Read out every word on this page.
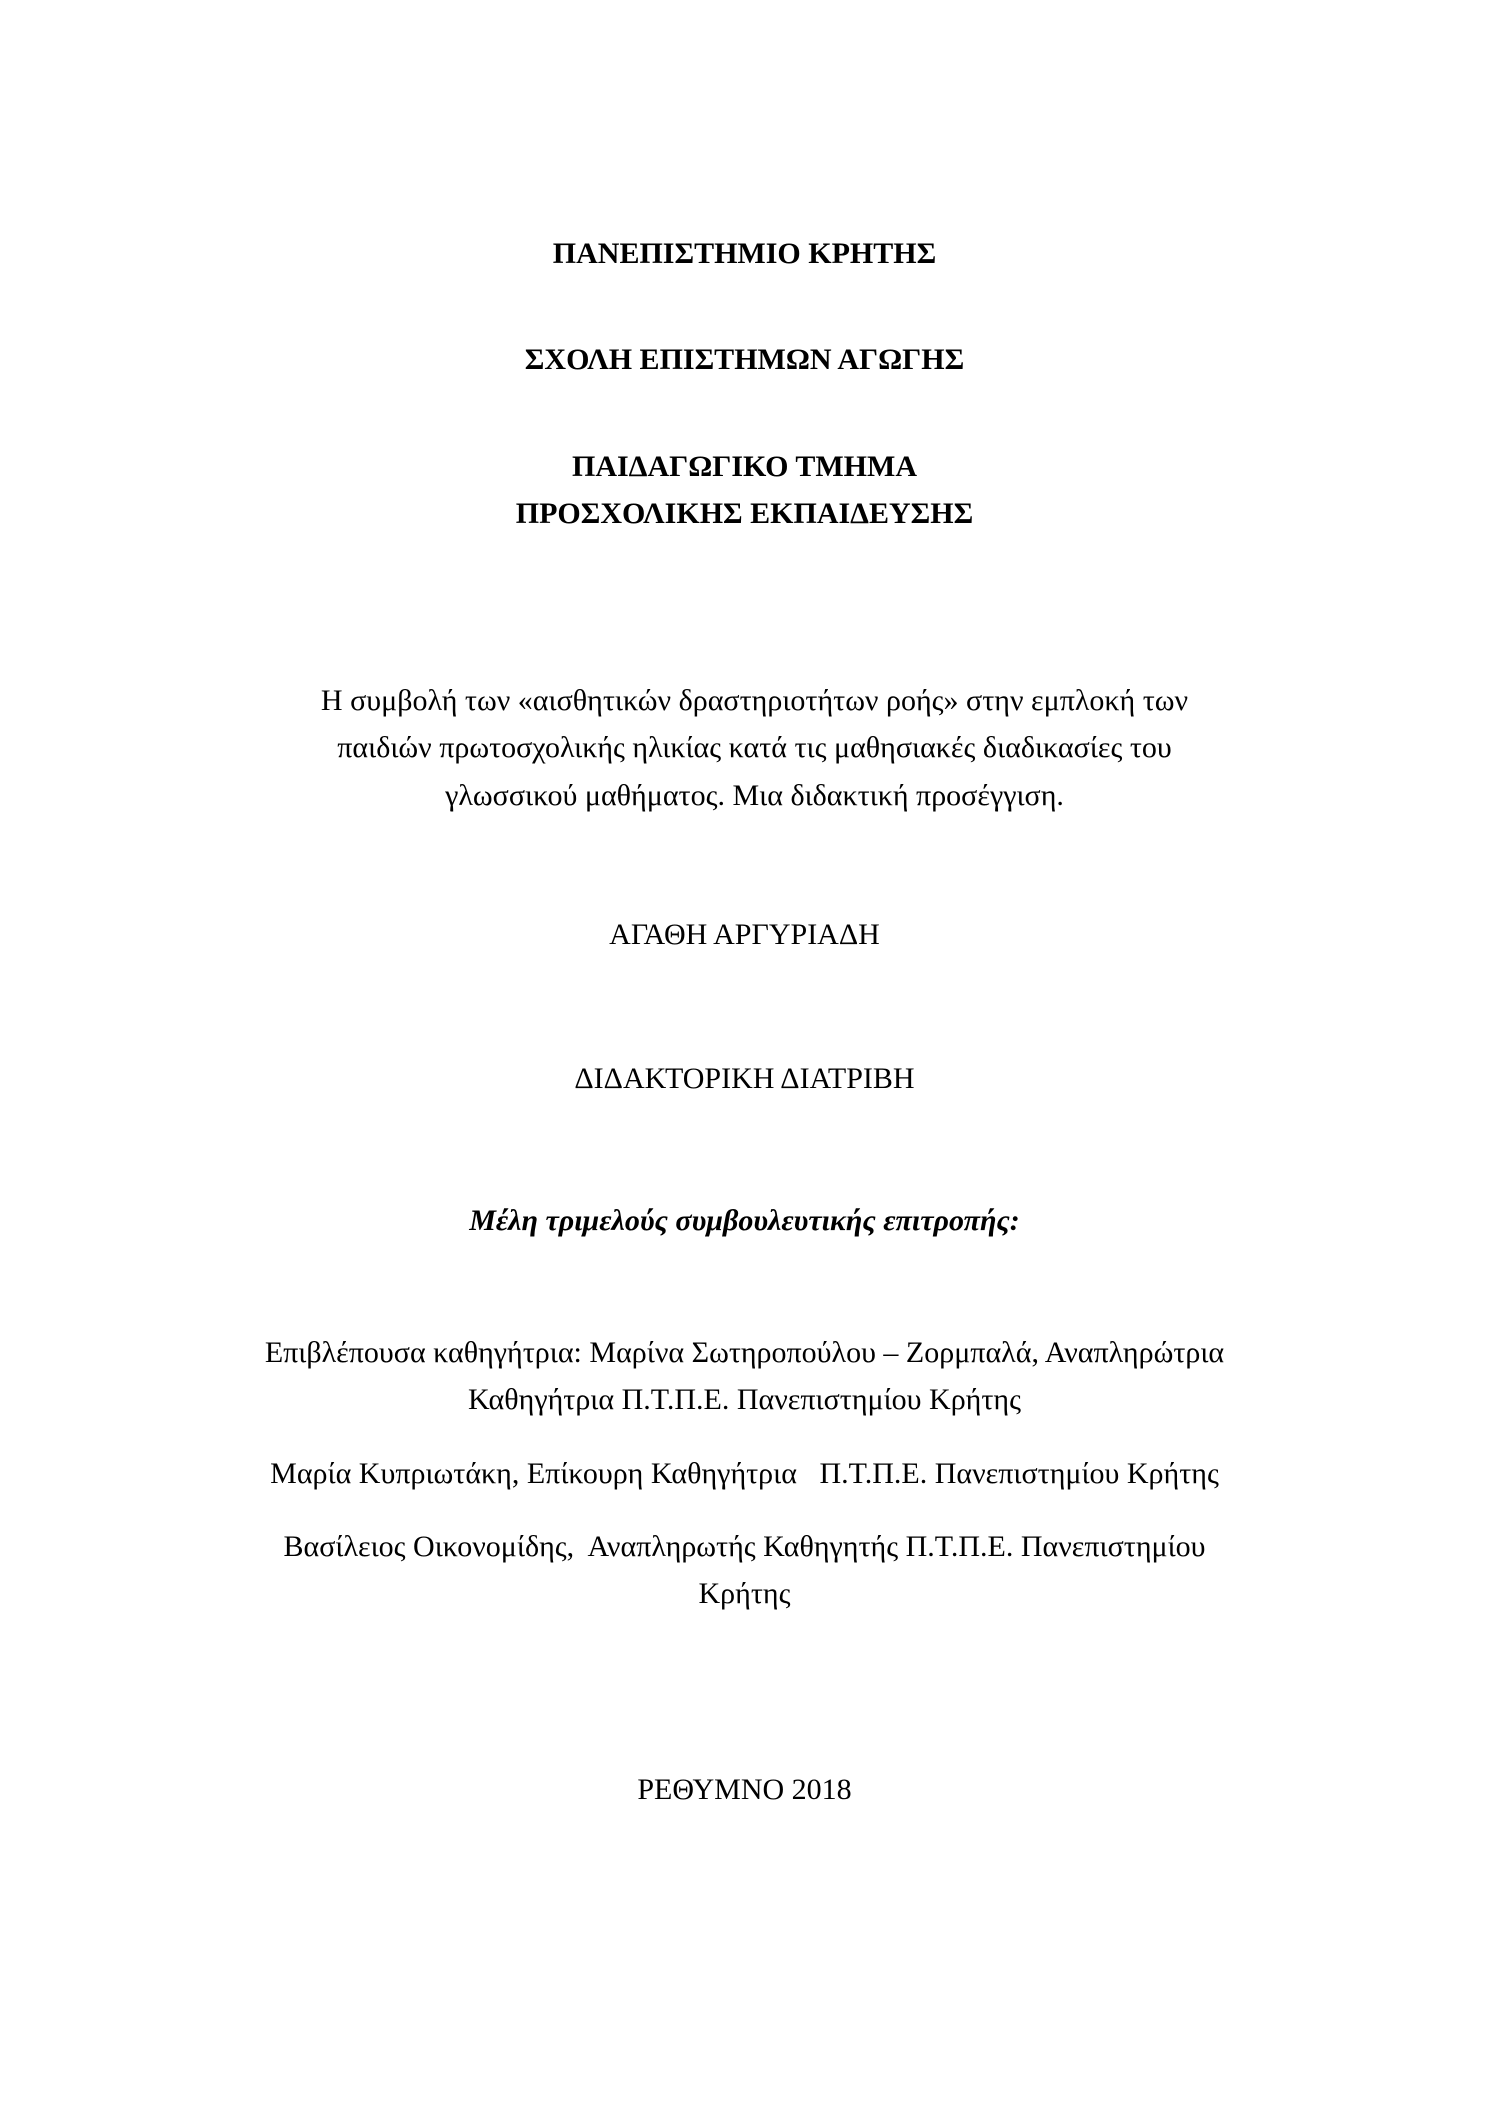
ΠΑΝΕΠΙΣΤΗΜΙΟ ΚΡΗΤΗΣ
ΣΧΟΛΗ ΕΠΙΣΤΗΜΩΝ ΑΓΩΓΗΣ
ΠΑΙΔΑΓΩΓΙΚΟ ΤΜΗΜΑ
ΠΡΟΣΧΟΛΙΚΗΣ ΕΚΠΑΙΔΕΥΣΗΣ
Η συμβολή των «αισθητικών δραστηριοτήτων ροής» στην εμπλοκή των
παιδιών πρωτοσχολικής ηλικίας κατά τις μαθησιακές διαδικασίες του
γλωσσικού μαθήματος. Μια διδακτική προσέγγιση.
ΑΓΑΘΗ ΑΡΓΥΡΙΑΔΗ
ΔΙΔΑΚΤΟΡΙΚΗ ΔΙΑΤΡΙΒΗ
Μέλη τριμελούς συμβουλευτικής επιτροπής:
Επιβλέπουσα καθηγήτρια: Μαρίνα Σωτηροπούλου – Ζορμπαλά, Αναπληρώτρια
Καθηγήτρια Π.Τ.Π.Ε. Πανεπιστημίου Κρήτης
Μαρία Κυπριωτάκη, Επίκουρη Καθηγήτρια   Π.Τ.Π.Ε. Πανεπιστημίου Κρήτης
Βασίλειος Οικονομίδης,  Αναπληρωτής Καθηγητής Π.Τ.Π.Ε. Πανεπιστημίου
Κρήτης
ΡΕΘΥΜΝΟ 2018
